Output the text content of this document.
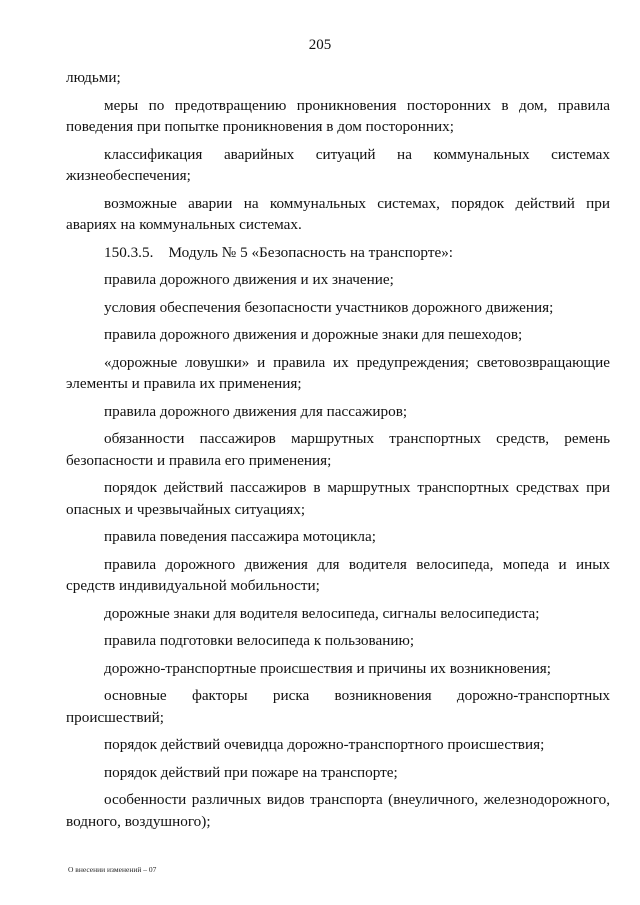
205

людьми;

меры по предотвращению проникновения посторонних в дом, правила поведения при попытке проникновения в дом посторонних;

классификация аварийных ситуаций на коммунальных системах жизнеобеспечения;

возможные аварии на коммунальных системах, порядок действий при авариях на коммунальных системах.

150.3.5.    Модуль № 5 «Безопасность на транспорте»:

правила дорожного движения и их значение;

условия обеспечения безопасности участников дорожного движения;

правила дорожного движения и дорожные знаки для пешеходов;

«дорожные ловушки» и правила их предупреждения; световозвращающие элементы и правила их применения;

правила дорожного движения для пассажиров;

обязанности пассажиров маршрутных транспортных средств, ремень безопасности и правила его применения;

порядок действий пассажиров в маршрутных транспортных средствах при опасных и чрезвычайных ситуациях;

правила поведения пассажира мотоцикла;

правила дорожного движения для водителя велосипеда, мопеда и иных средств индивидуальной мобильности;

дорожные знаки для водителя велосипеда, сигналы велосипедиста;

правила подготовки велосипеда к пользованию;

дорожно-транспортные происшествия и причины их возникновения;

основные факторы риска возникновения дорожно-транспортных происшествий;

порядок действий очевидца дорожно-транспортного происшествия;

порядок действий при пожаре на транспорте;

особенности различных видов транспорта (внеуличного, железнодорожного, водного, воздушного);

О внесении изменений – 07
